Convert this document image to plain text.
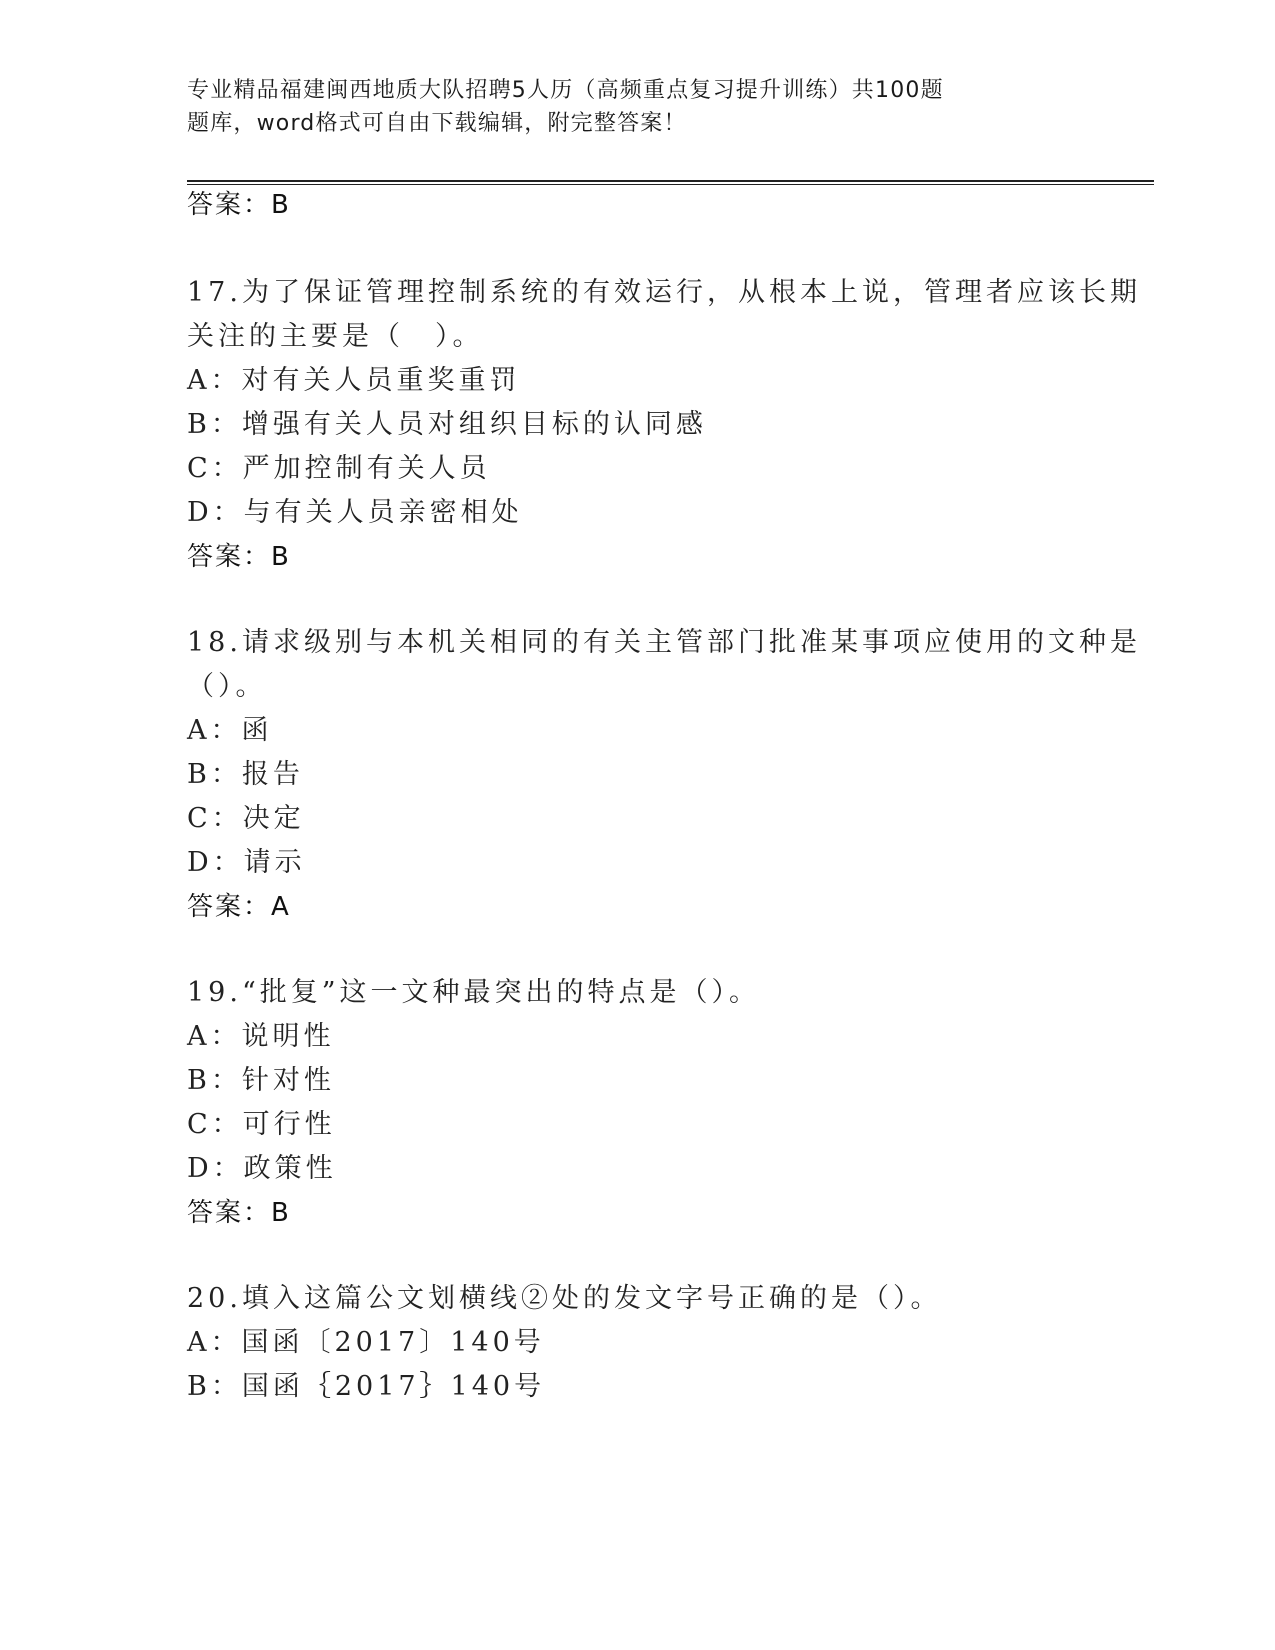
专业精品福建闽西地质大队招聘5人历（高频重点复习提升训练）共100题
题库，word格式可自由下载编辑，附完整答案！
答案：B
17.为了保证管理控制系统的有效运行，从根本上说，管理者应该长期
关注的主要是（　）。
A：对有关人员重奖重罚
B：增强有关人员对组织目标的认同感
C：严加控制有关人员
D：与有关人员亲密相处
答案：B
18.请求级别与本机关相同的有关主管部门批准某事项应使用的文种是
（）。
A：函
B：报告
C：决定
D：请示
答案：A
19.“批复”这一文种最突出的特点是（）。
A：说明性
B：针对性
C：可行性
D：政策性
答案：B
20.填入这篇公文划横线②处的发文字号正确的是（）。
A：国函〔2017〕140号
B：国函｛2017｝140号
